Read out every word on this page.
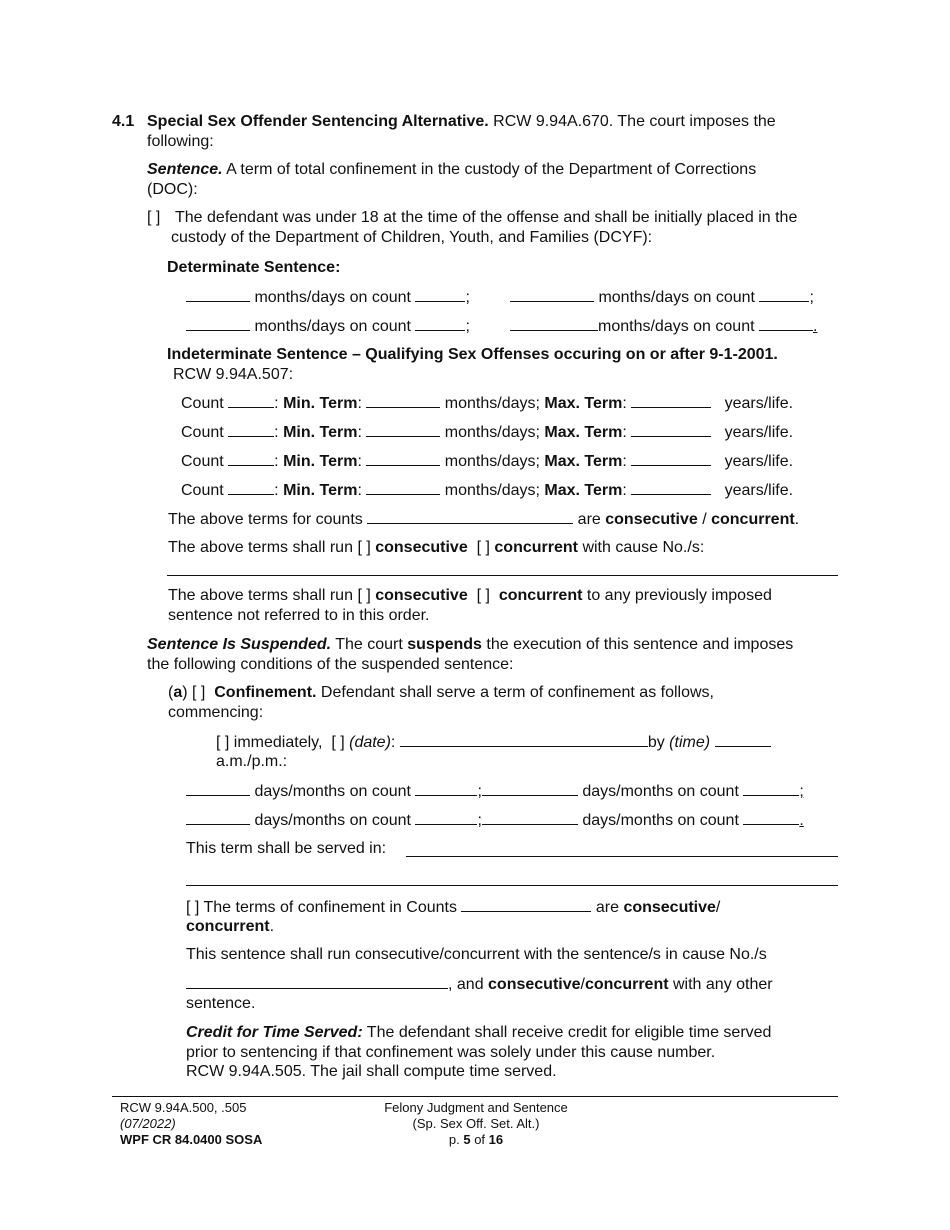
4.1 Special Sex Offender Sentencing Alternative. RCW 9.94A.670. The court imposes the
following:
Sentence. A term of total confinement in the custody of the Department of Corrections
(DOC):
[ ] The defendant was under 18 at the time of the offense and shall be initially placed in the
custody of the Department of Children, Youth, and Families (DCYF):
Determinate Sentence:
months/days on count	;	months/days on count	;
months/days on count	;	months/days on count	.
Indeterminate Sentence – Qualifying Sex Offenses occuring on or after 9-1-2001.
RCW 9.94A.507:
Count	: Min. Term:	months/days; Max. Term:	years/life.
Count	: Min. Term:	months/days; Max. Term:	years/life.
Count	: Min. Term:	months/days; Max. Term:	years/life.
Count	: Min. Term:	months/days; Max. Term:	years/life.
The above terms for counts	are consecutive / concurrent.
The above terms shall run [ ] consecutive [ ] concurrent with cause No./s:
The above terms shall run [ ] consecutive [ ] concurrent to any previously imposed
sentence not referred to in this order.
Sentence Is Suspended. The court suspends the execution of this sentence and imposes
the following conditions of the suspended sentence:
(a) [ ] Confinement. Defendant shall serve a term of confinement as follows,
commencing:
[ ] immediately, [ ] (date):	by (time)
a.m./p.m.:
days/months on count	;	days/months on count	;
days/months on count	;	days/months on count	.
This term shall be served in:
[ ] The terms of confinement in Counts	are consecutive/
concurrent.
This sentence shall run consecutive/concurrent with the sentence/s in cause No./s
, and consecutive/concurrent with any other
sentence.
Credit for Time Served: The defendant shall receive credit for eligible time served
prior to sentencing if that confinement was solely under this cause number.
RCW 9.94A.505. The jail shall compute time served.
RCW 9.94A.500, .505
(07/2022)
WPF CR 84.0400 SOSA
Felony Judgment and Sentence
(Sp. Sex Off. Set. Alt.)
p. 5 of 16
